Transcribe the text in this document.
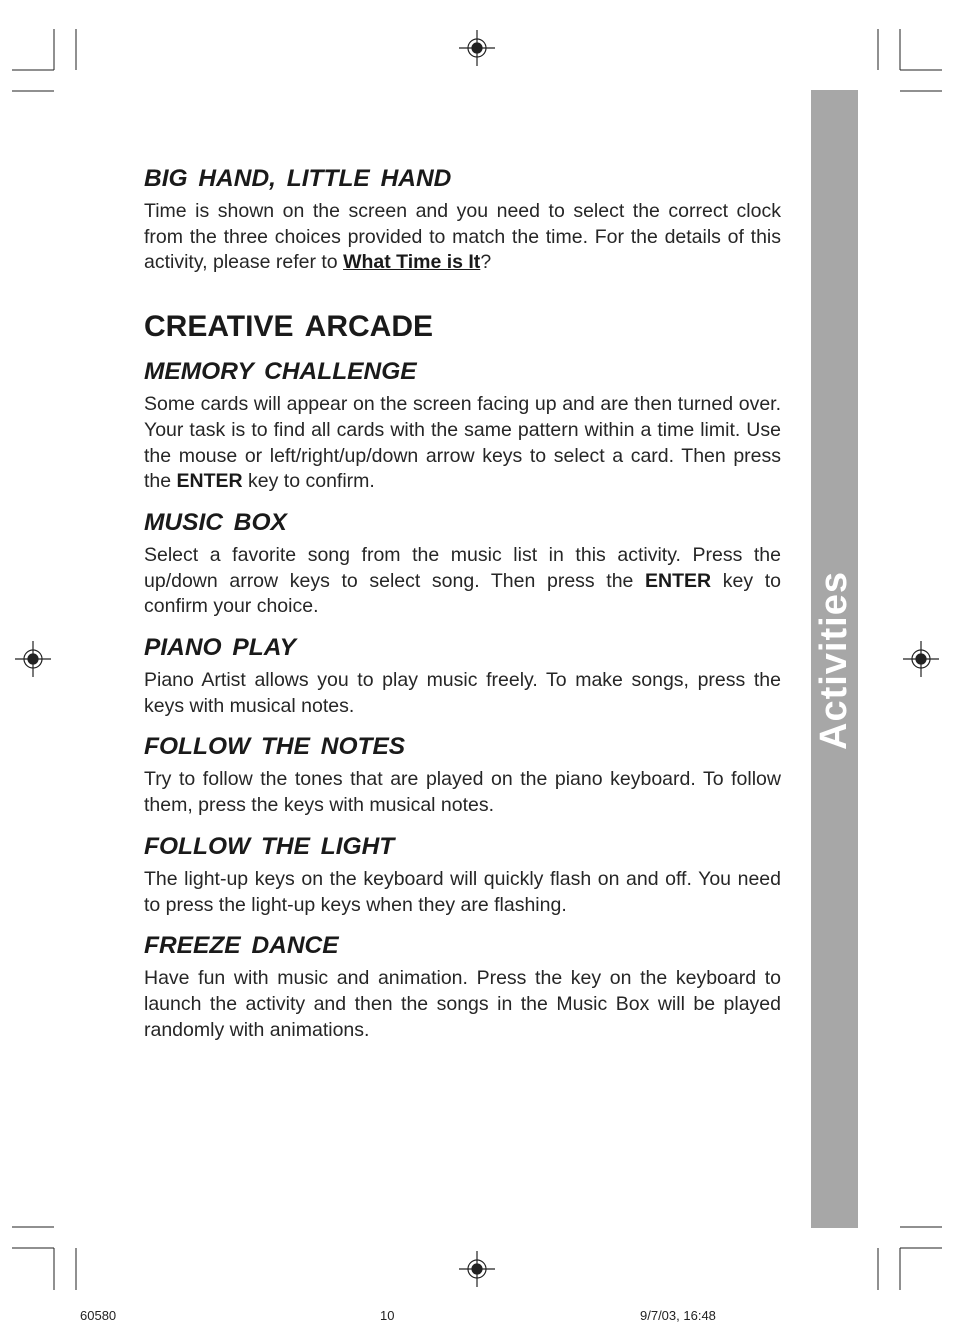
Activities
BIG HAND, LITTLE HAND

Time is shown on the screen and you need to select the correct clock from the three choices provided to match the time. For the details of this activity, please refer to What Time is It?

CREATIVE ARCADE
MEMORY CHALLENGE

Some cards will appear on the screen facing up and are then turned over. Your task is to find all cards with the same pattern within a time limit. Use the mouse or left/right/up/down arrow keys to select a card. Then press the ENTER key to confirm.

MUSIC BOX

Select a favorite song from the music list in this activity. Press the up/down arrow keys to select song. Then press the ENTER key to confirm your choice.

PIANO PLAY

Piano Artist allows you to play music freely. To make songs, press the keys with musical notes.

FOLLOW THE NOTES

Try to follow the tones that are played on the piano keyboard. To follow them, press the keys with musical notes.

FOLLOW THE LIGHT

The light-up keys on the keyboard will quickly flash on and off. You need to press the light-up keys when they are flashing.

FREEZE DANCE

Have fun with music and animation. Press the key on the keyboard to launch the activity and then the songs in the Music Box will be played randomly with animations.

60580	10	9/7/03, 16:48
